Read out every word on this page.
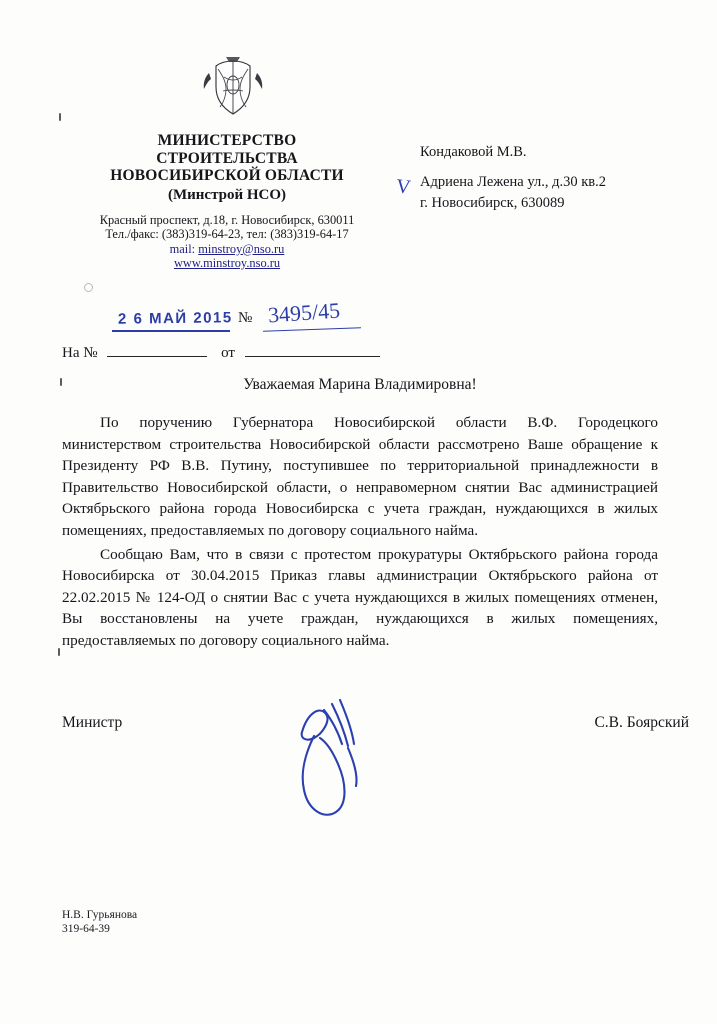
МИНИСТЕРСТВО
СТРОИТЕЛЬСТВА
НОВОСИБИРСКОЙ ОБЛАСТИ
(Минстрой НСО)
Красный проспект, д.18, г. Новосибирск, 630011
Тел./факс: (383)319-64-23, тел: (383)319-64-17
mail: minstroy@nso.ru
www.minstroy.nso.ru
Кондаковой М.В.
Адриена Лежена ул., д.30 кв.2
г. Новосибирск, 630089
V
2 6 МАЙ 2015 № 3495/45
На №	от
Уважаемая Марина Владимировна!

По поручению Губернатора Новосибирской области В.Ф. Городецкого министерством строительства Новосибирской области рассмотрено Ваше обращение к Президенту РФ В.В. Путину, поступившее по территориальной принадлежности в Правительство Новосибирской области, о неправомерном снятии Вас администрацией Октябрьского района города Новосибирска с учета граждан, нуждающихся в жилых помещениях, предоставляемых по договору социального найма.

Сообщаю Вам, что в связи с протестом прокуратуры Октябрьского района города Новосибирска от 30.04.2015 Приказ главы администрации Октябрьского района от 22.02.2015 № 124-ОД о снятии Вас с учета нуждающихся в жилых помещениях отменен, Вы восстановлены на учете граждан, нуждающихся в жилых помещениях, предоставляемых по договору социального найма.

Министр	С.В. Боярский
Н.В. Гурьянова
319-64-39
